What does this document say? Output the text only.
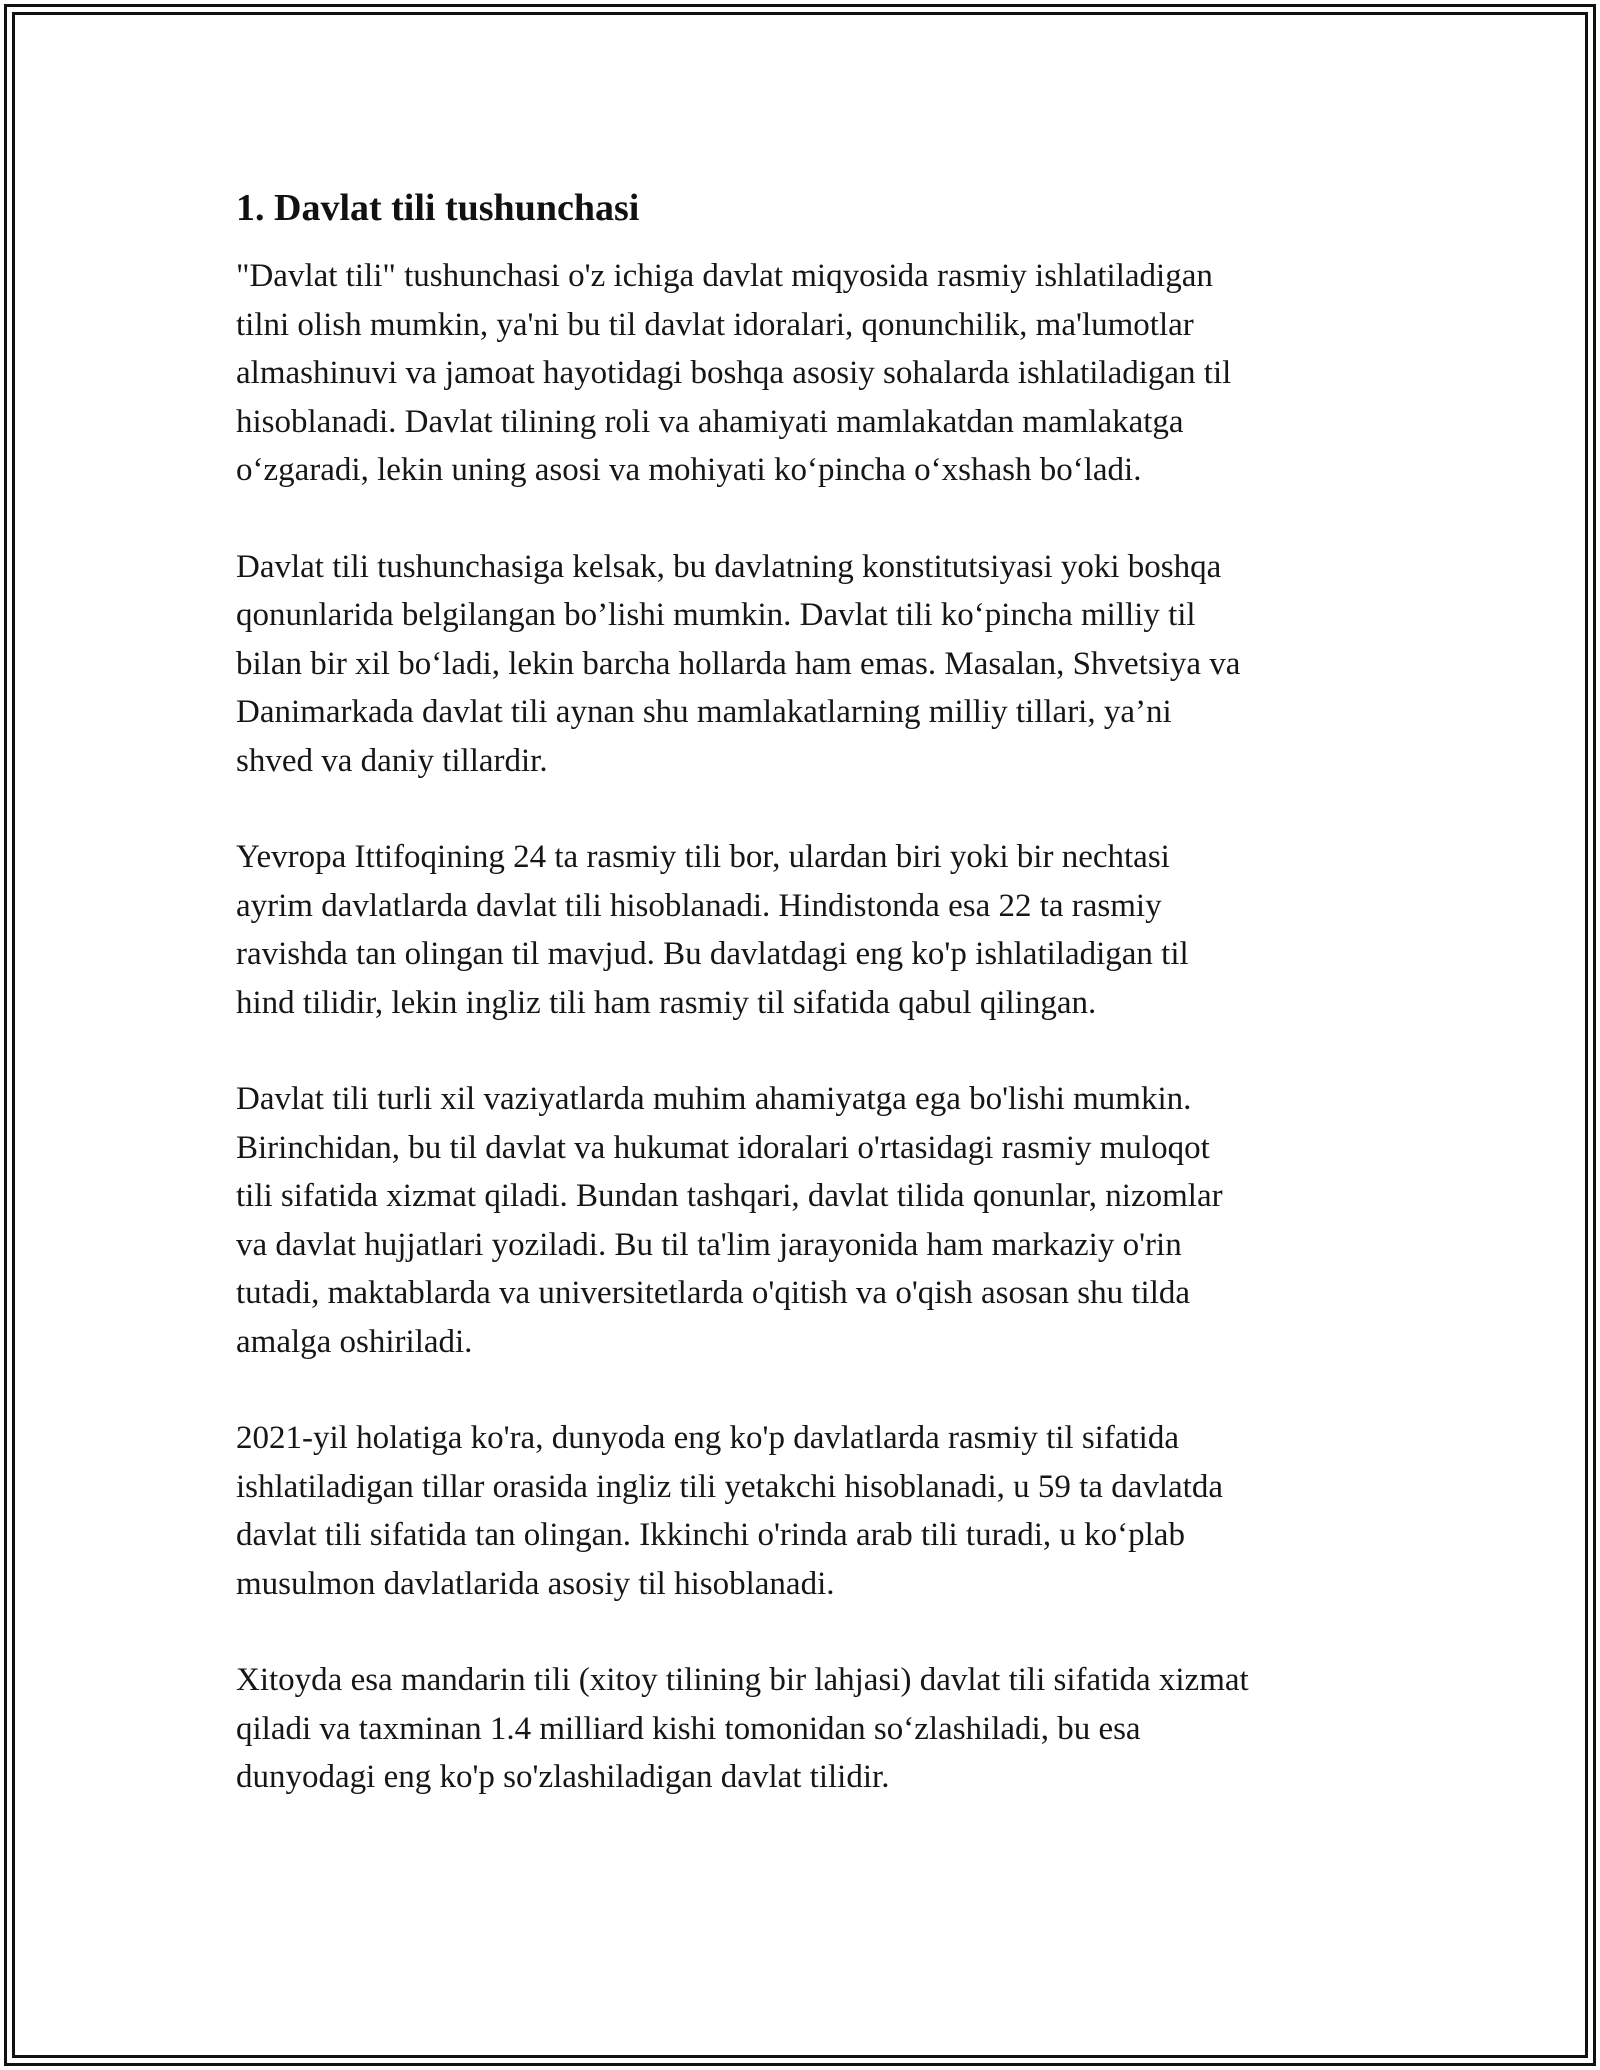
1. Davlat tili tushunchasi

"Davlat tili" tushunchasi o'z ichiga davlat miqyosida rasmiy ishlatiladigan
tilni olish mumkin, ya'ni bu til davlat idoralari, qonunchilik, ma'lumotlar
almashinuvi va jamoat hayotidagi boshqa asosiy sohalarda ishlatiladigan til
hisoblanadi. Davlat tilining roli va ahamiyati mamlakatdan mamlakatga
o‘zgaradi, lekin uning asosi va mohiyati ko‘pincha o‘xshash bo‘ladi.

Davlat tili tushunchasiga kelsak, bu davlatning konstitutsiyasi yoki boshqa
qonunlarida belgilangan bo’lishi mumkin. Davlat tili ko‘pincha milliy til
bilan bir xil bo‘ladi, lekin barcha hollarda ham emas. Masalan, Shvetsiya va
Danimarkada davlat tili aynan shu mamlakatlarning milliy tillari, ya’ni
shved va daniy tillardir.

Yevropa Ittifoqining 24 ta rasmiy tili bor, ulardan biri yoki bir nechtasi
ayrim davlatlarda davlat tili hisoblanadi. Hindistonda esa 22 ta rasmiy
ravishda tan olingan til mavjud. Bu davlatdagi eng ko'p ishlatiladigan til
hind tilidir, lekin ingliz tili ham rasmiy til sifatida qabul qilingan.

Davlat tili turli xil vaziyatlarda muhim ahamiyatga ega bo'lishi mumkin.
Birinchidan, bu til davlat va hukumat idoralari o'rtasidagi rasmiy muloqot
tili sifatida xizmat qiladi. Bundan tashqari, davlat tilida qonunlar, nizomlar
va davlat hujjatlari yoziladi. Bu til ta'lim jarayonida ham markaziy o'rin
tutadi, maktablarda va universitetlarda o'qitish va o'qish asosan shu tilda
amalga oshiriladi.

2021-yil holatiga ko'ra, dunyoda eng ko'p davlatlarda rasmiy til sifatida
ishlatiladigan tillar orasida ingliz tili yetakchi hisoblanadi, u 59 ta davlatda
davlat tili sifatida tan olingan. Ikkinchi o'rinda arab tili turadi, u ko‘plab
musulmon davlatlarida asosiy til hisoblanadi.

Xitoyda esa mandarin tili (xitoy tilining bir lahjasi) davlat tili sifatida xizmat
qiladi va taxminan 1.4 milliard kishi tomonidan so‘zlashiladi, bu esa
dunyodagi eng ko'p so'zlashiladigan davlat tilidir.
